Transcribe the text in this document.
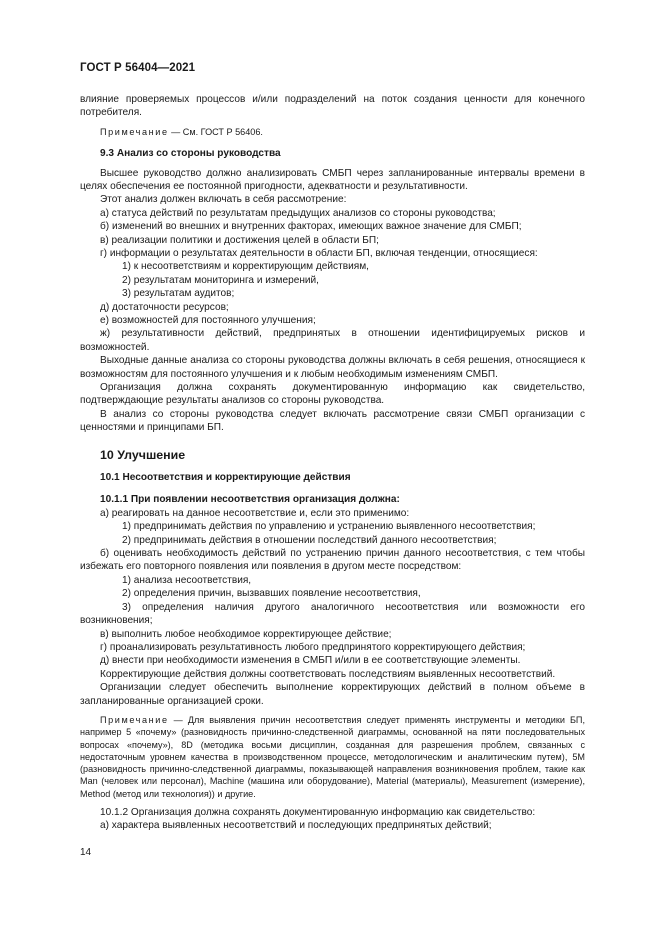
ГОСТ Р 56404—2021

влияние проверяемых процессов и/или подразделений на поток создания ценности для конечного потребителя.

Примечание — См. ГОСТ Р 56406.

9.3 Анализ со стороны руководства

Высшее руководство должно анализировать СМБП через запланированные интервалы времени в целях обеспечения ее постоянной пригодности, адекватности и результативности.

Этот анализ должен включать в себя рассмотрение:

а) статуса действий по результатам предыдущих анализов со стороны руководства;

б) изменений во внешних и внутренних факторах, имеющих важное значение для СМБП;

в) реализации политики и достижения целей в области БП;

г) информации о результатах деятельности в области БП, включая тенденции, относящиеся:

1) к несоответствиям и корректирующим действиям,

2) результатам мониторинга и измерений,

3) результатам аудитов;

д) достаточности ресурсов;

е) возможностей для постоянного улучшения;

ж) результативности действий, предпринятых в отношении идентифицируемых рисков и возможностей.

Выходные данные анализа со стороны руководства должны включать в себя решения, относящиеся к возможностям для постоянного улучшения и к любым необходимым изменениям СМБП.

Организация должна сохранять документированную информацию как свидетельство, подтверждающие результаты анализов со стороны руководства.

В анализ со стороны руководства следует включать рассмотрение связи СМБП организации с ценностями и принципами БП.

10 Улучшение
10.1 Несоответствия и корректирующие действия
10.1.1 При появлении несоответствия организация должна:

а) реагировать на данное несоответствие и, если это применимо:

1) предпринимать действия по управлению и устранению выявленного несоответствия;

2) предпринимать действия в отношении последствий данного несоответствия;

б) оценивать необходимость действий по устранению причин данного несоответствия, с тем чтобы избежать его повторного появления или появления в другом месте посредством:

1) анализа несоответствия,

2) определения причин, вызвавших появление несоответствия,

3) определения наличия другого аналогичного несоответствия или возможности его возникновения;

в) выполнить любое необходимое корректирующее действие;

г) проанализировать результативность любого предпринятого корректирующего действия;

д) внести при необходимости изменения в СМБП и/или в ее соответствующие элементы.

Корректирующие действия должны соответствовать последствиям выявленных несоответствий.

Организации следует обеспечить выполнение корректирующих действий в полном объеме в запланированные организацией сроки.

Примечание — Для выявления причин несоответствия следует применять инструменты и методики БП, например 5 «почему» (разновидность причинно-следственной диаграммы, основанной на пяти последовательных вопросах «почему»), 8D (методика восьми дисциплин, созданная для разрешения проблем, связанных с недостаточным уровнем качества в производственном процессе, методологическим и аналитическим путем), 5М (разновидность причинно-следственной диаграммы, показывающей направления возникновения проблем, такие как Man (человек или персонал), Machine (машина или оборудование), Material (материалы), Measurement (измерение), Method (метод или технология)) и другие.

10.1.2 Организация должна сохранять документированную информацию как свидетельство:

а) характера выявленных несоответствий и последующих предпринятых действий;

14
